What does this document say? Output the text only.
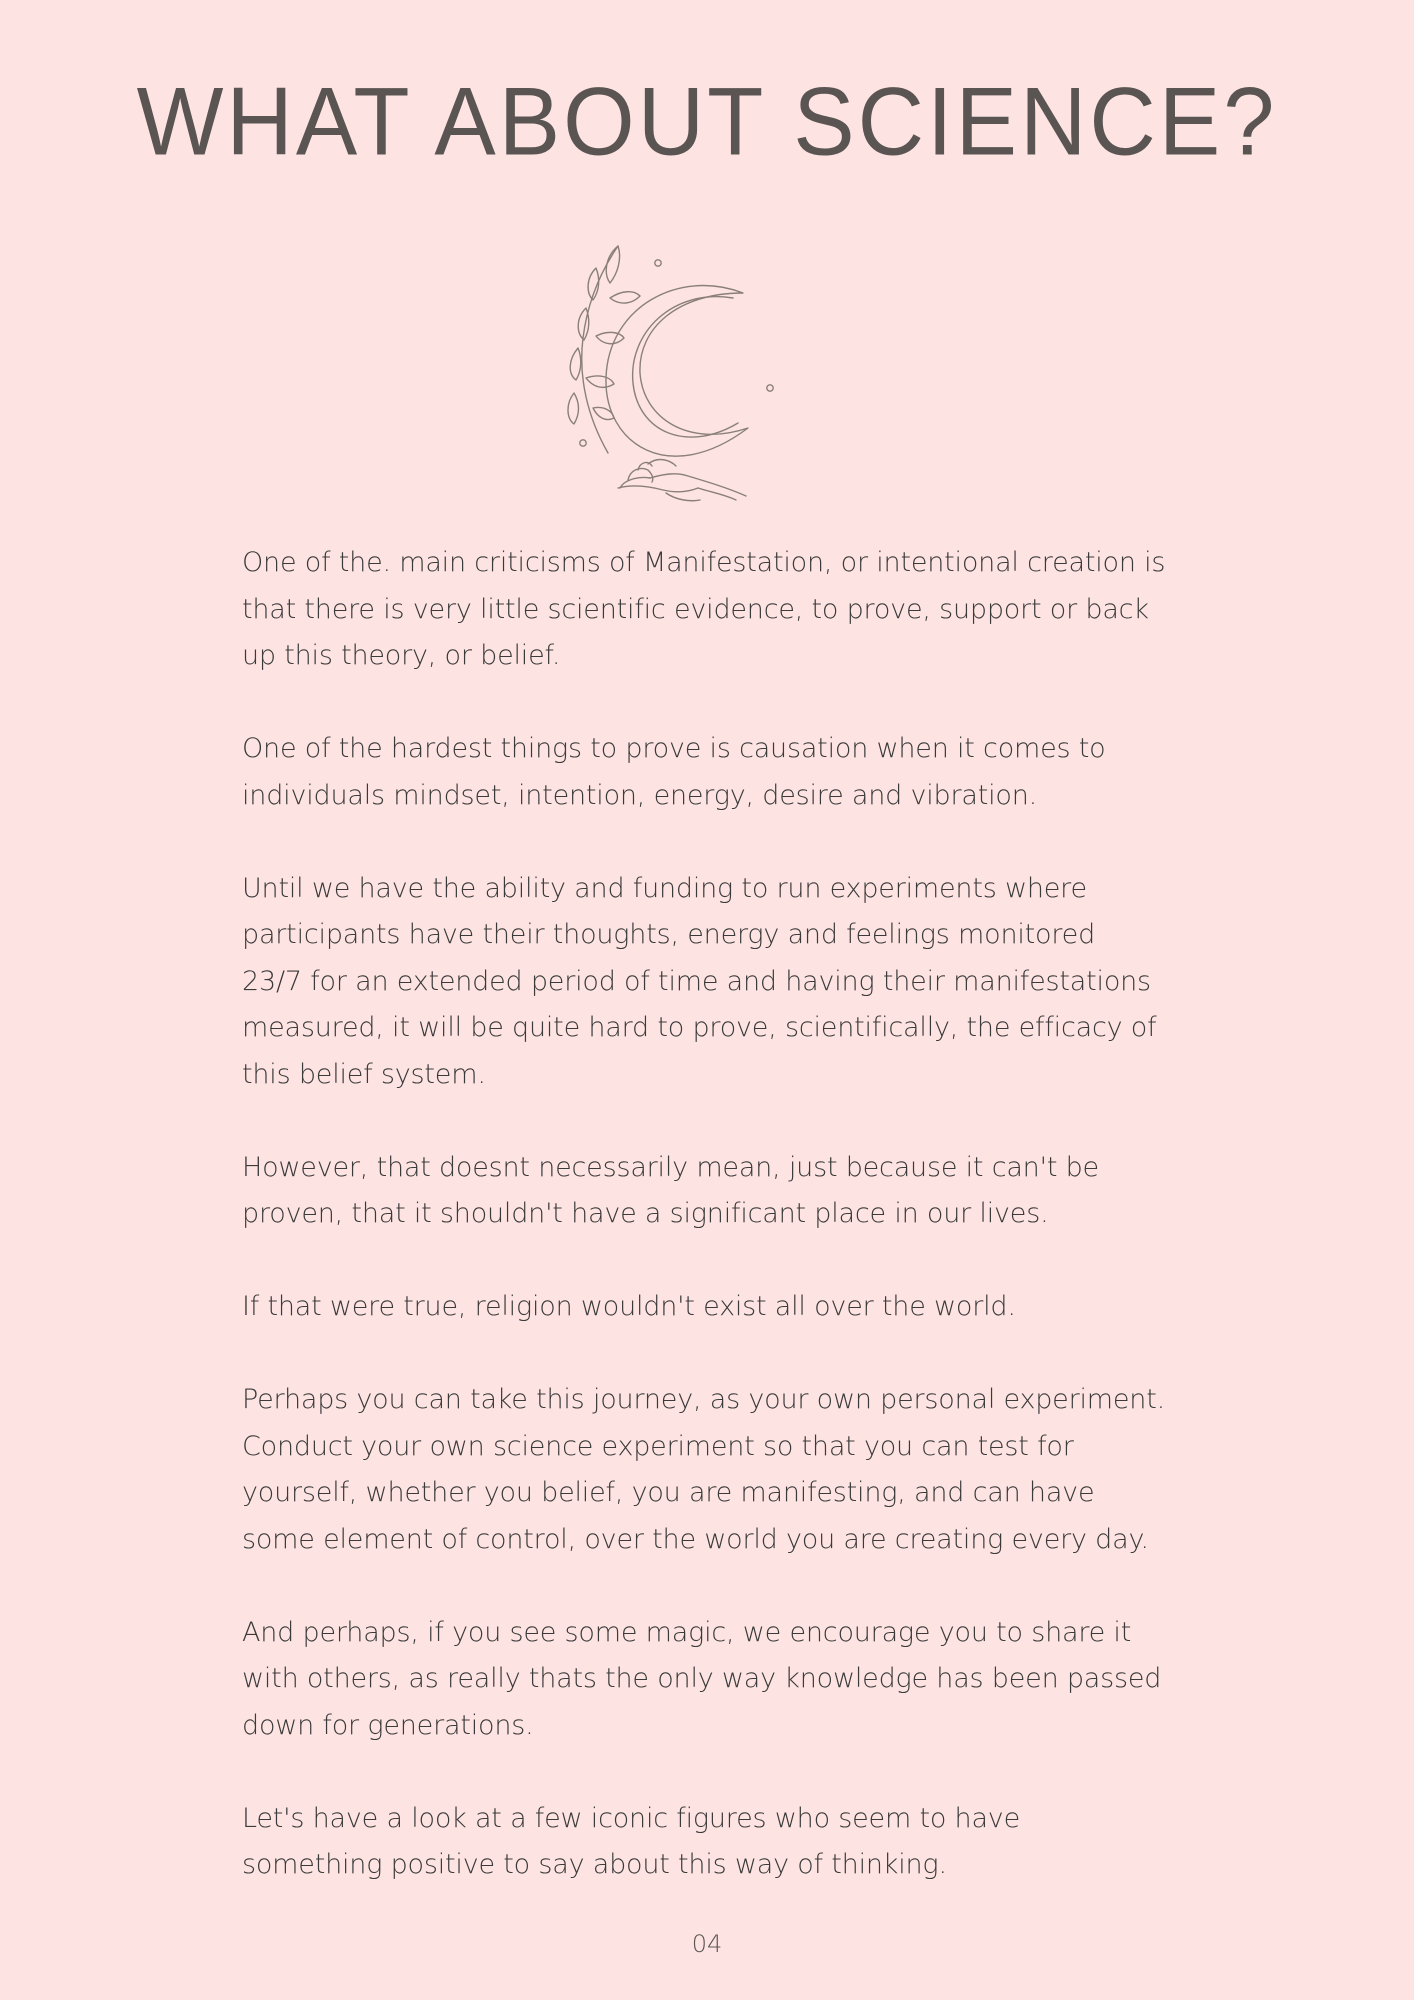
WHAT ABOUT SCIENCE?

One of the. main criticisms of Manifestation, or intentional creation is
that there is very little scientific evidence, to prove, support or back
up this theory, or belief.

One of the hardest things to prove is causation when it comes to
individuals mindset, intention, energy, desire and vibration.

Until we have the ability and funding to run experiments where
participants have their thoughts, energy and feelings monitored
23/7 for an extended period of time and having their manifestations
measured, it will be quite hard to prove, scientifically, the efficacy of
this belief system.

However, that doesnt necessarily mean, just because it can't be
proven, that it shouldn't have a significant place in our lives.

If that were true, religion wouldn't exist all over the world.

Perhaps you can take this journey, as your own personal experiment.
Conduct your own science experiment so that you can test for
yourself, whether you belief, you are manifesting, and can have
some element of control, over the world you are creating every day.

And perhaps, if you see some magic, we encourage you to share it
with others, as really thats the only way knowledge has been passed
down for generations.

Let's have a look at a few iconic figures who seem to have
something positive to say about this way of thinking.

04
